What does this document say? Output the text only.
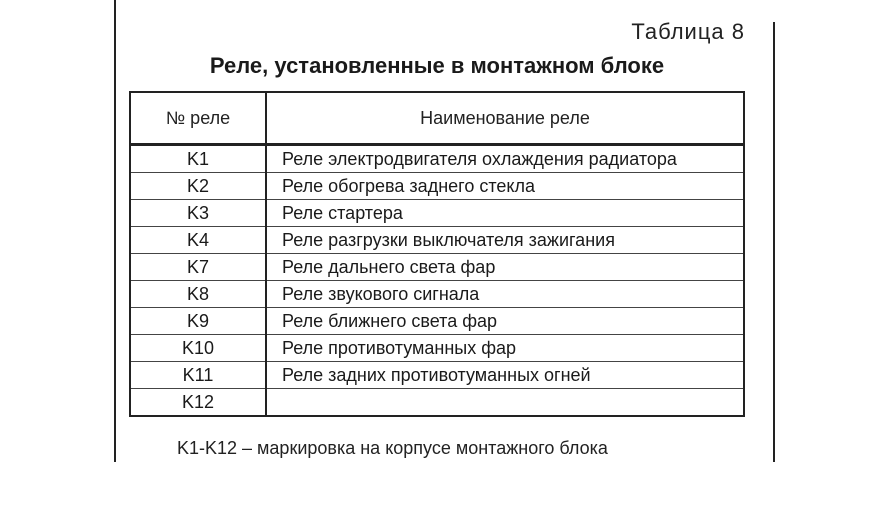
Таблица 8
Реле, установленные в монтажном блоке
№ реле	Наименование реле
K1	Реле электродвигателя охлаждения радиатора
K2	Реле обогрева заднего стекла
K3	Реле стартера
K4	Реле разгрузки выключателя зажигания
K7	Реле дальнего света фар
K8	Реле звукового сигнала
K9	Реле ближнего света фар
K10	Реле противотуманных фар
K11	Реле задних противотуманных огней
K12	
K1-K12 – маркировка на корпусе монтажного блока
